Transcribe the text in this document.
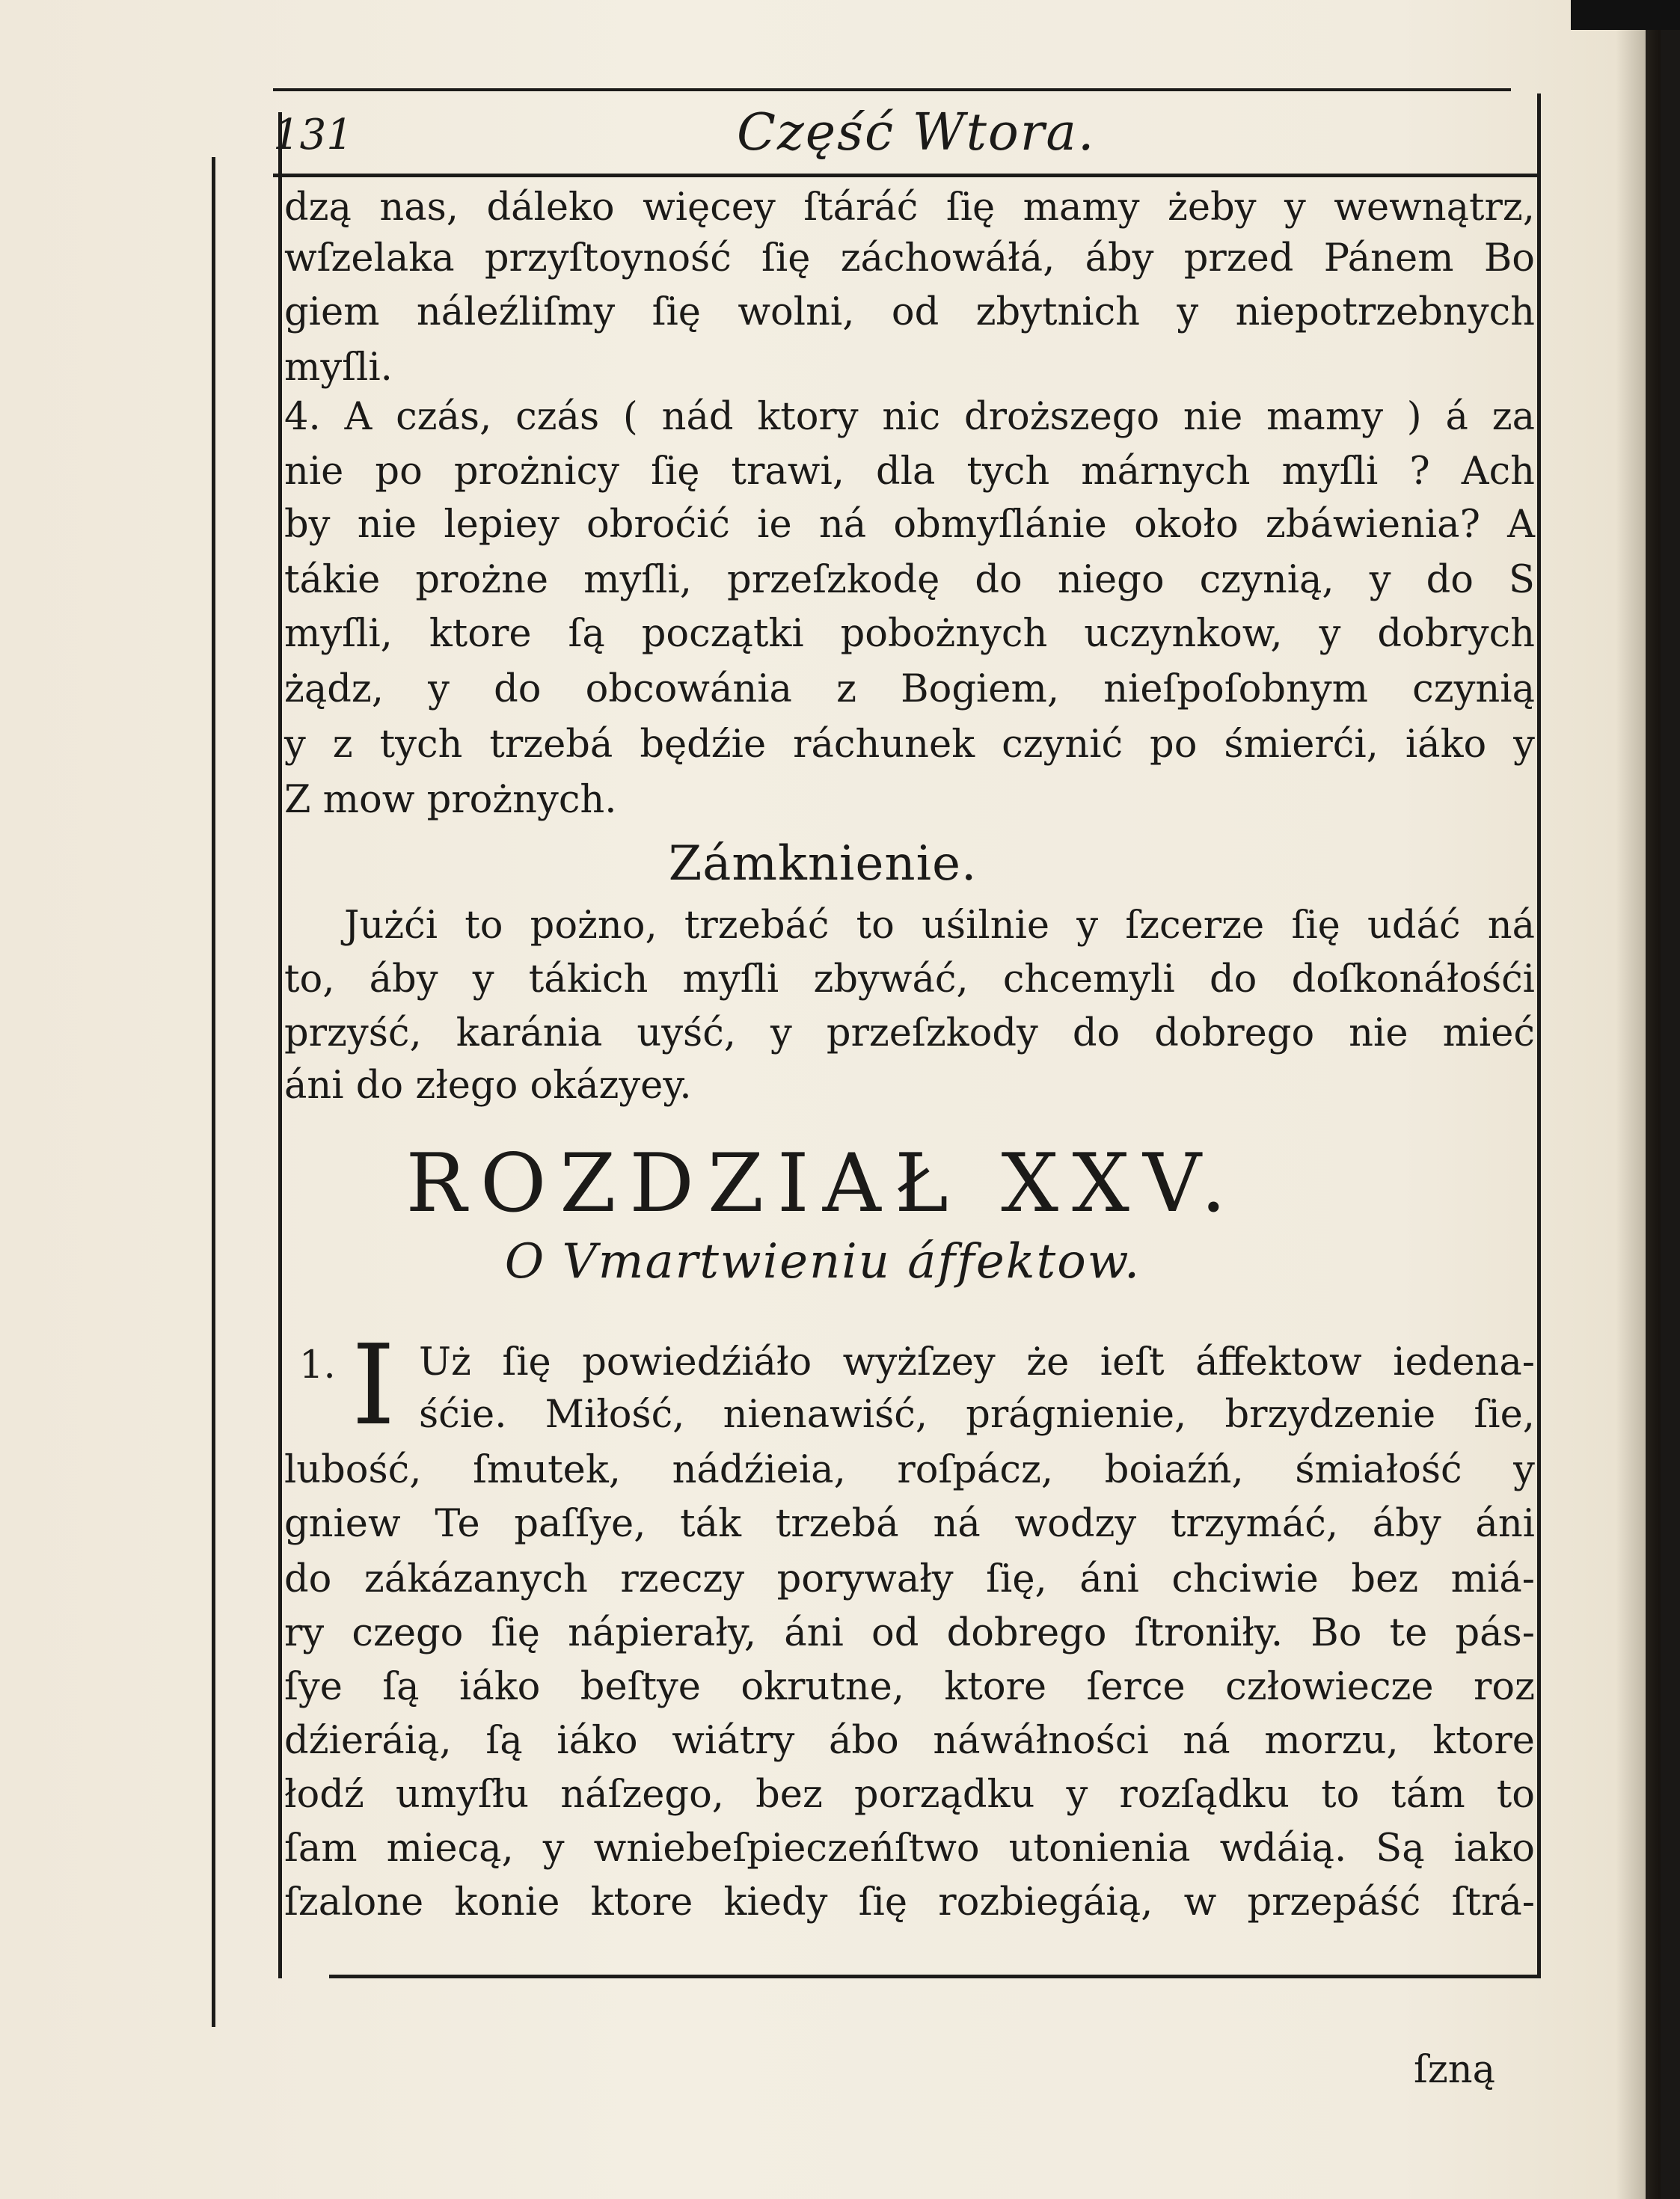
131	Część Wtora.
dzą nas, dáleko więcey ſtáráć ſię mamy żeby y wewnątrz,
wſzelaka przyſtoyność ſię záchowáłá, áby przed Pánem Bo
giem náleźliſmy ſię wolni, od zbytnich y niepotrzebnych
myſli.
4. A czás, czás ( nád ktory nic droższego nie mamy ) á za
nie po prożnicy ſię trawi, dla tych márnych myſli ? Ach
by nie lepiey obroćić ie ná obmyſlánie około zbáwienia? A
tákie prożne myſli, przeſzkodę do niego czynią, y do S
myſli, ktore ſą początki pobożnych uczynkow, y dobrych
żądz, y do obcowánia z Bogiem, nieſpoſobnym czynią
y z tych trzebá będźie ráchunek czynić po śmierći, iáko y
Z mow prożnych.
Zámknienie.
Jużći to pożno, trzebáć to uśilnie y ſzcerze ſię udáć ná
to, áby y tákich myſli zbywáć, chcemyli do doſkonáłośći
przyść, karánia uyść, y przeſzkody do dobrego nie mieć
áni do złego okázyey.
ROZDZIAŁ XXV.
O Vmartwieniu áffektow.
1. I Uż ſię powiedźiáło wyżſzey że ieſt áffektow iedena-
śćie. Miłość, nienawiść, prágnienie, brzydzenie ſie,
lubość, ſmutek, nádźieia, roſpácz, boiaźń, śmiałość y
gniew Te paſſye, ták trzebá ná wodzy trzymáć, áby áni
do zákázanych rzeczy porywały ſię, áni chciwie bez miá-
ry czego ſię nápierały, áni od dobrego ſtroniły. Bo te pás-
ſye ſą iáko beſtye okrutne, ktore ſerce człowiecze roz
dźieráią, ſą iáko wiátry ábo náwáłności ná morzu, ktore
łodź umyſłu náſzego, bez porządku y rozſądku to tám to
ſam miecą, y wniebeſpieczeńſtwo utonienia wdáią. Są iako
ſzalone konie ktore kiedy ſię rozbiegáią, w przepáść ſtrá-
ſzną
